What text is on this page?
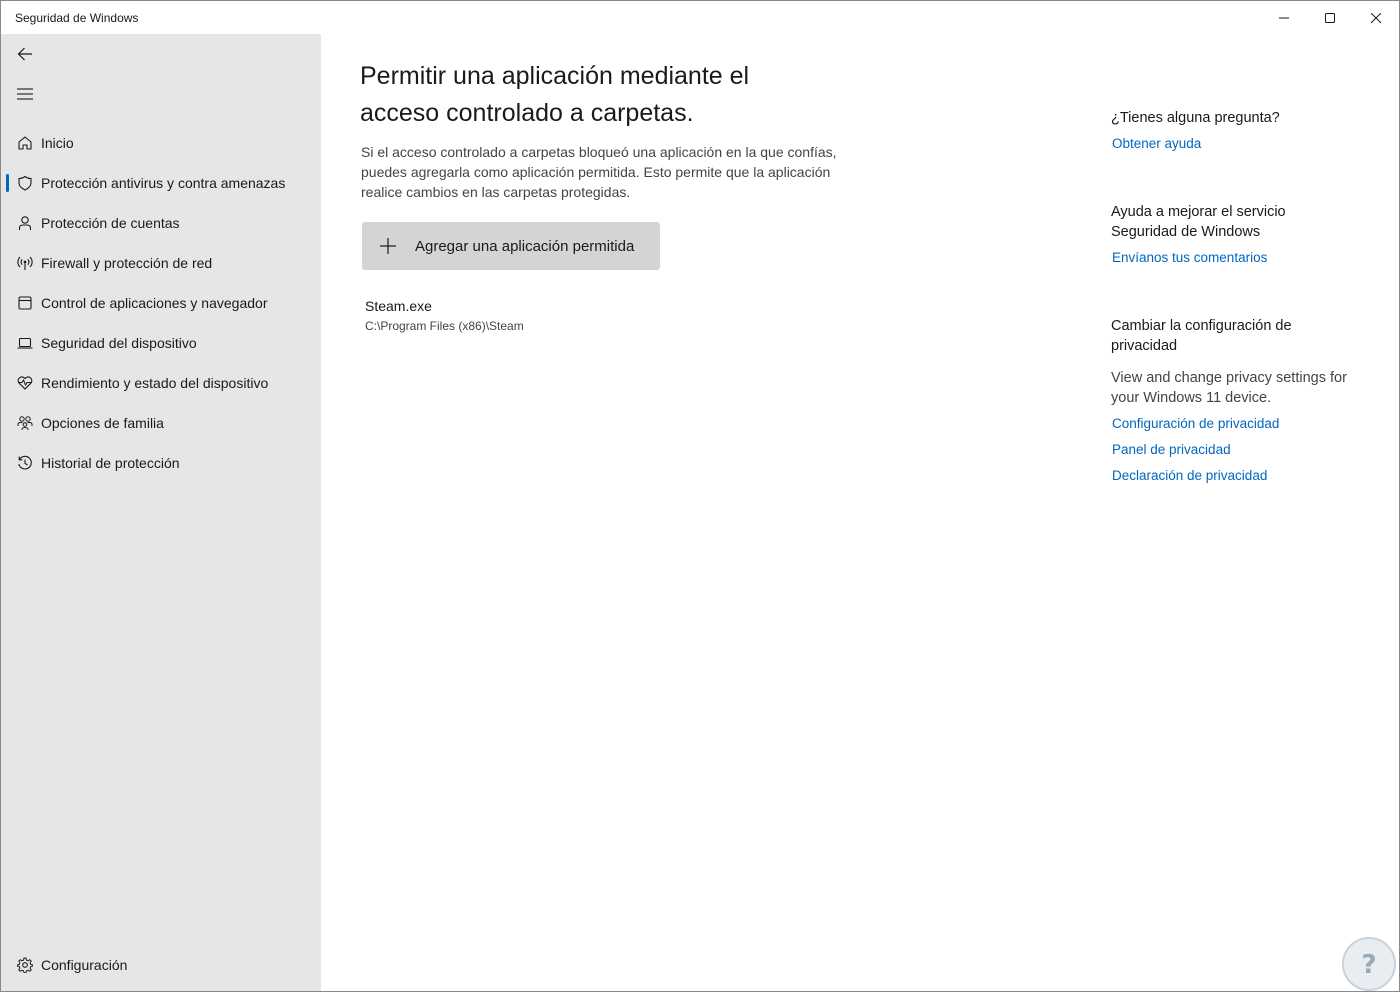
Seguridad de Windows
Inicio
Protección antivirus y contra amenazas
Protección de cuentas
Firewall y protección de red
Control de aplicaciones y navegador
Seguridad del dispositivo
Rendimiento y estado del dispositivo
Opciones de familia
Historial de protección
Configuración
Permitir una aplicación mediante el acceso controlado a carpetas.
Si el acceso controlado a carpetas bloqueó una aplicación en la que confías, puedes agregarla como aplicación permitida. Esto permite que la aplicación realice cambios en las carpetas protegidas.
Agregar una aplicación permitida
Steam.exe
C:\Program Files (x86)\Steam
¿Tienes alguna pregunta?
Obtener ayuda
Ayuda a mejorar el servicio Seguridad de Windows
Envíanos tus comentarios
Cambiar la configuración de privacidad
View and change privacy settings for your Windows 11 device.
Configuración de privacidad
Panel de privacidad
Declaración de privacidad
?
